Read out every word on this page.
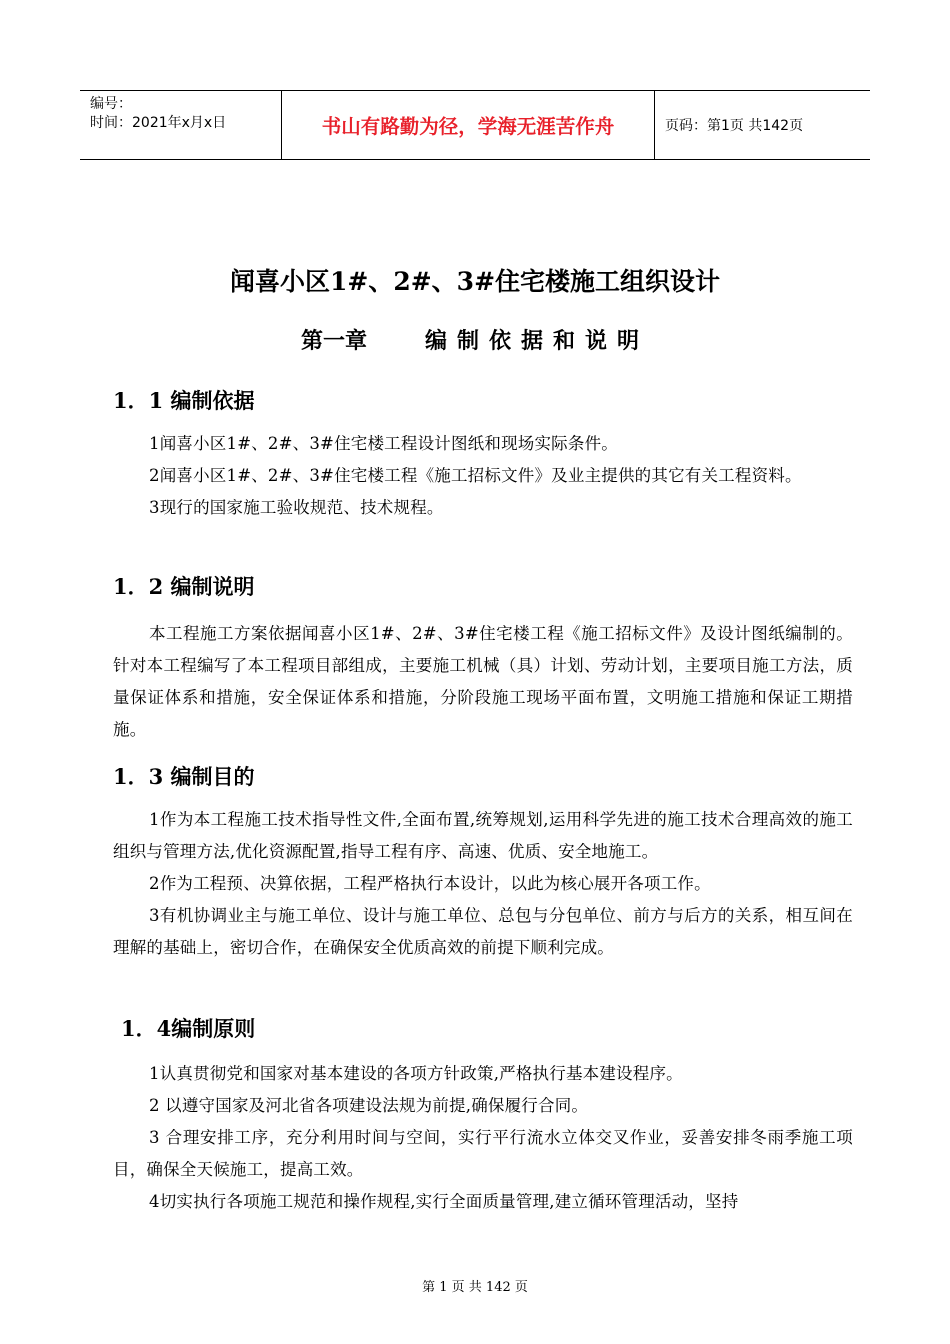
编号：
时间：2021年x月x日	书山有路勤为径，学海无涯苦作舟	页码：第1页 共142页
闻喜小区1#、2#、3#住宅楼施工组织设计
第一章	编制依据和说明
1．1 编制依据

1闻喜小区1#、2#、3#住宅楼工程设计图纸和现场实际条件。

2闻喜小区1#、2#、3#住宅楼工程《施工招标文件》及业主提供的其它有关工程资料。

3现行的国家施工验收规范、技术规程。

1．2 编制说明

本工程施工方案依据闻喜小区1#、2#、3#住宅楼工程《施工招标文件》及设计图纸编制的。针对本工程编写了本工程项目部组成，主要施工机械（具）计划、劳动计划，主要项目施工方法，质量保证体系和措施，安全保证体系和措施，分阶段施工现场平面布置，文明施工措施和保证工期措施。

1．3 编制目的

1作为本工程施工技术指导性文件,全面布置,统筹规划,运用科学先进的施工技术合理高效的施工组织与管理方法,优化资源配置,指导工程有序、高速、优质、安全地施工。

2作为工程预、决算依据，工程严格执行本设计，以此为核心展开各项工作。

3有机协调业主与施工单位、设计与施工单位、总包与分包单位、前方与后方的关系，相互间在理解的基础上，密切合作，在确保安全优质高效的前提下顺利完成。

1．4编制原则

1认真贯彻党和国家对基本建设的各项方针政策,严格执行基本建设程序。

2 以遵守国家及河北省各项建设法规为前提,确保履行合同。

3 合理安排工序，充分利用时间与空间，实行平行流水立体交叉作业，妥善安排冬雨季施工项目，确保全天候施工，提高工效。

4切实执行各项施工规范和操作规程,实行全面质量管理,建立循环管理活动，坚持

第 1 页 共 142 页
